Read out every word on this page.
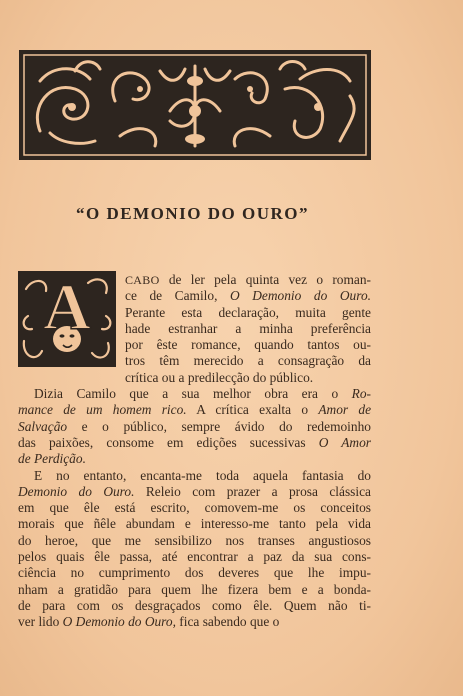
“O DEMONIO DO OURO”
A	CABO de ler pela quinta vez o roman-
ce de Camilo, O Demonio do Ouro.
Perante esta declaração, muita gente
hade estranhar a minha preferência
por êste romance, quando tantos ou-
tros têm merecido a consagração da
crítica ou a predilecção do público.
Dizia Camilo que a sua melhor obra era o Ro-
mance de um homem rico. A crítica exalta o Amor de
Salvação e o público, sempre ávido do redemoinho
das paixões, consome em edições sucessivas O Amor
de Perdição.
E no entanto, encanta-me toda aquela fantasia do
Demonio do Ouro. Releio com prazer a prosa clássica
em que êle está escrito, comovem-me os conceitos
morais que ñêle abundam e interesso-me tanto pela vida
do heroe, que me sensibilizo nos transes angustiosos
pelos quais êle passa, até encontrar a paz da sua cons-
ciência no cumprimento dos deveres que lhe impu-
nham a gratidão para quem lhe fizera bem e a bonda-
de para com os desgraçados como êle. Quem não ti-
ver lido O Demonio do Ouro, fica sabendo que o
